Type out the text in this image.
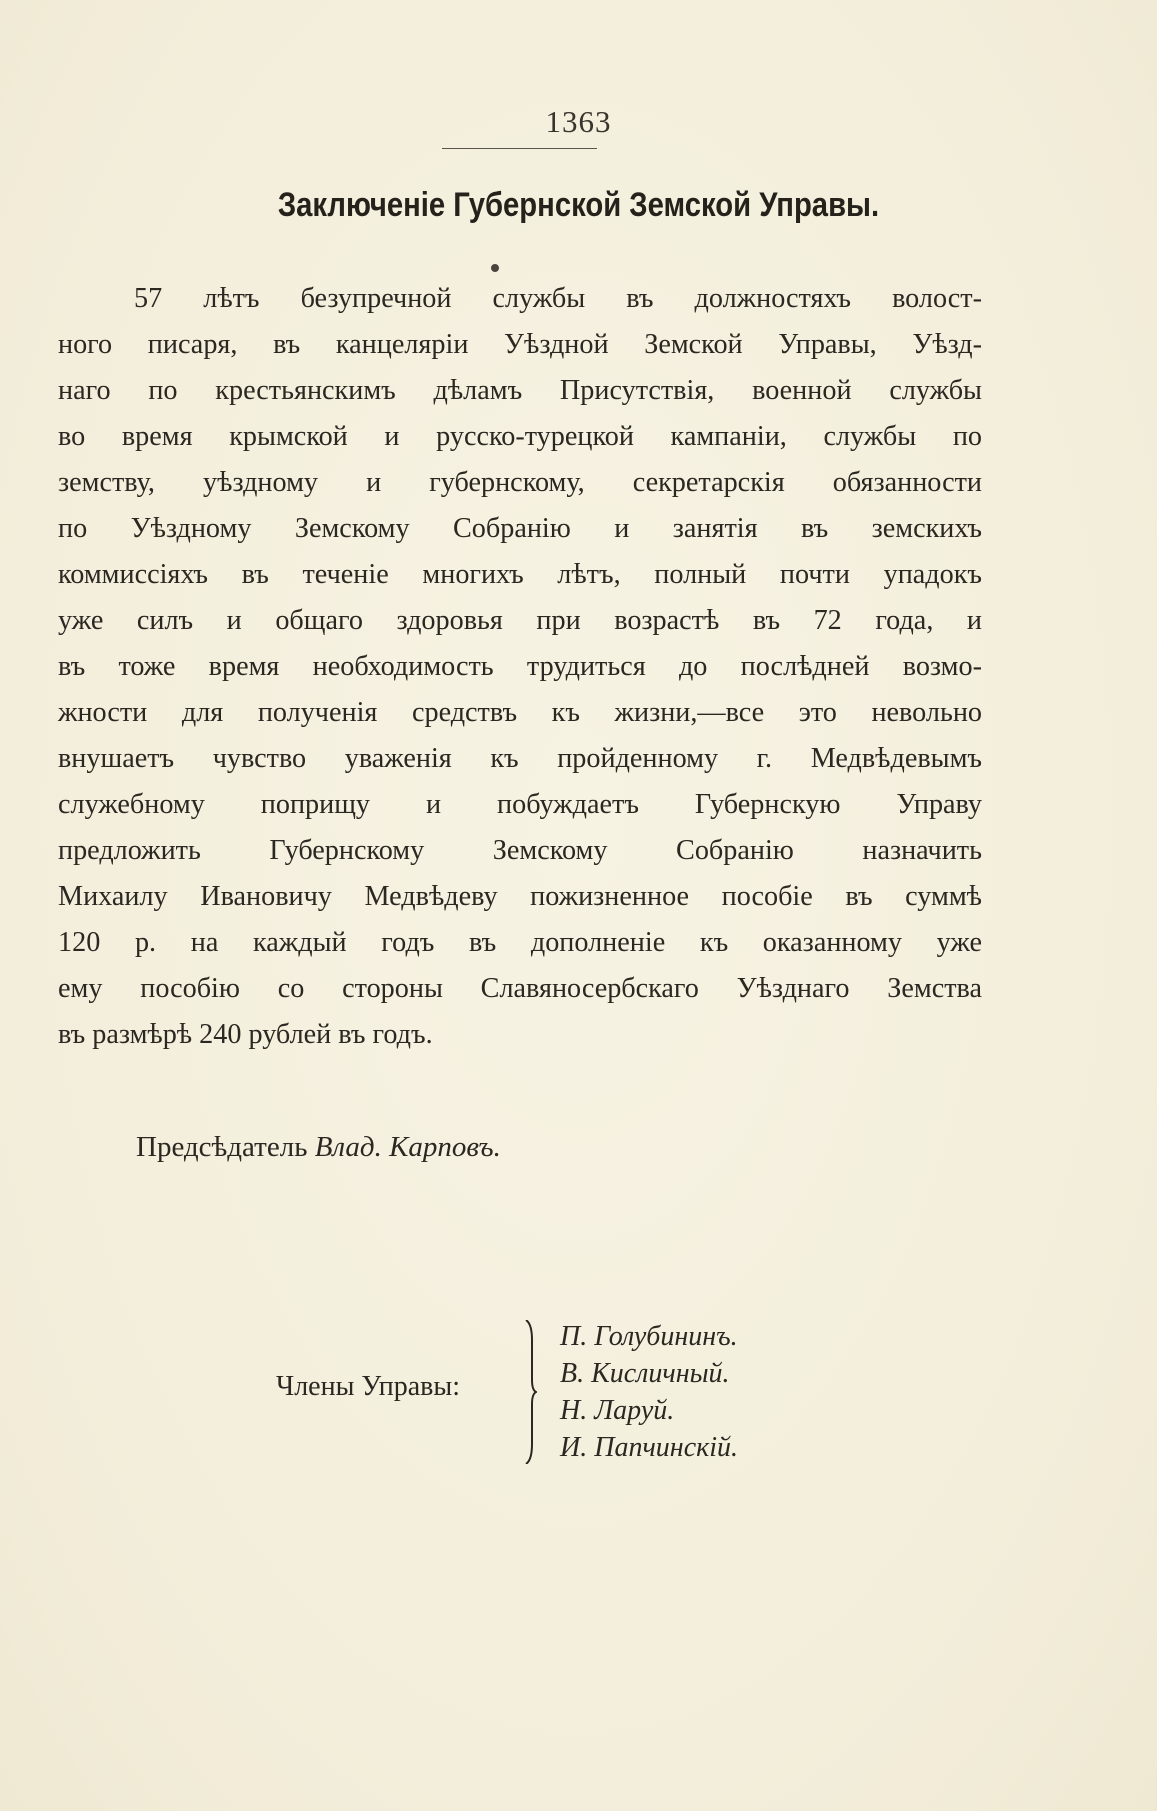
1363
Заключеніе Губернской Земской Управы.
57 лѣтъ безупречной службы въ должностяхъ волост-
ного писаря, въ канцеляріи Уѣздной Земской Управы, Уѣзд-
наго по крестьянскимъ дѣламъ Присутствія, военной службы
во время крымской и русско-турецкой кампаніи, службы по
земству, уѣздному и губернскому, секретарскія обязанности
по Уѣздному Земскому Собранію и занятія въ земскихъ
коммиссіяхъ въ теченіе многихъ лѣтъ, полный почти упадокъ
уже силъ и общаго здоровья при возрастѣ въ 72 года, и
въ тоже время необходимость трудиться до послѣдней возмо-
жности для полученія средствъ къ жизни,—все это невольно
внушаетъ чувство уваженія къ пройденному г. Медвѣдевымъ
служебному поприщу и побуждаетъ Губернскую Управу
предложить Губернскому Земскому Собранію назначить
Михаилу Ивановичу Медвѣдеву пожизненное пособіе въ суммѣ
120 р. на каждый годъ въ дополненіе къ оказанному уже
ему пособію со стороны Славяносербскаго Уѣзднаго Земства
въ размѣрѣ 240 рублей въ годъ.
Предсѣдатель Влад. Карповъ.
Члены Управы:
П. Голубининъ.
В. Кисличный.
Н. Ларуй.
И. Папчинскій.
